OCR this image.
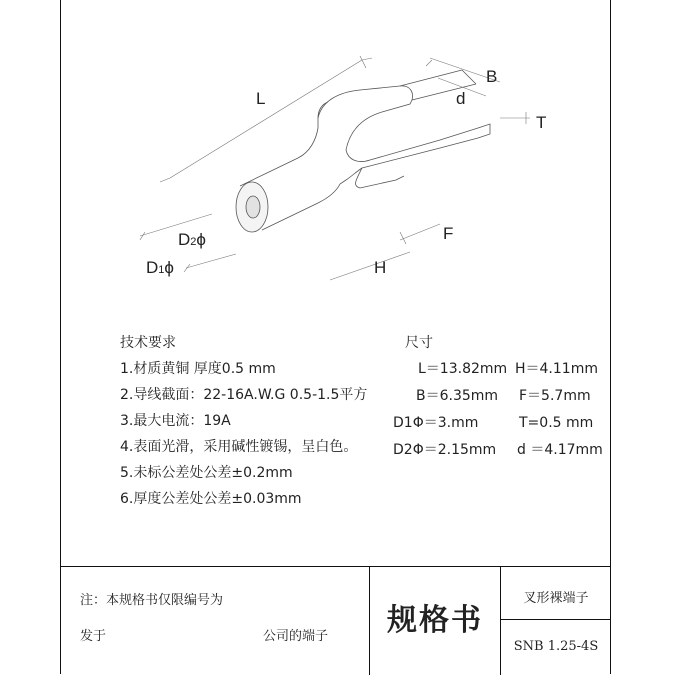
L
B
d
T
F
H
D2ϕ
D1ϕ
技术要求
1.材质黄铜 厚度0.5 mm
2.导线截面：22-16A.W.G 0.5-1.5平方
3.最大电流：19A
4.表面光滑，采用碱性镀锡，呈白色。
5.未标公差处公差±0.2mm
6.厚度公差处公差±0.03mm
尺寸
L＝13.82mm H＝4.11mm
B＝6.35mm F＝5.7mm
D1Φ＝3.mm	T=0.5 mm
D2Φ＝2.15mm d ＝4.17mm
注：本规格书仅限编号为
发于	公司的端子	规格书
叉形裸端子
SNB 1.25-4S
